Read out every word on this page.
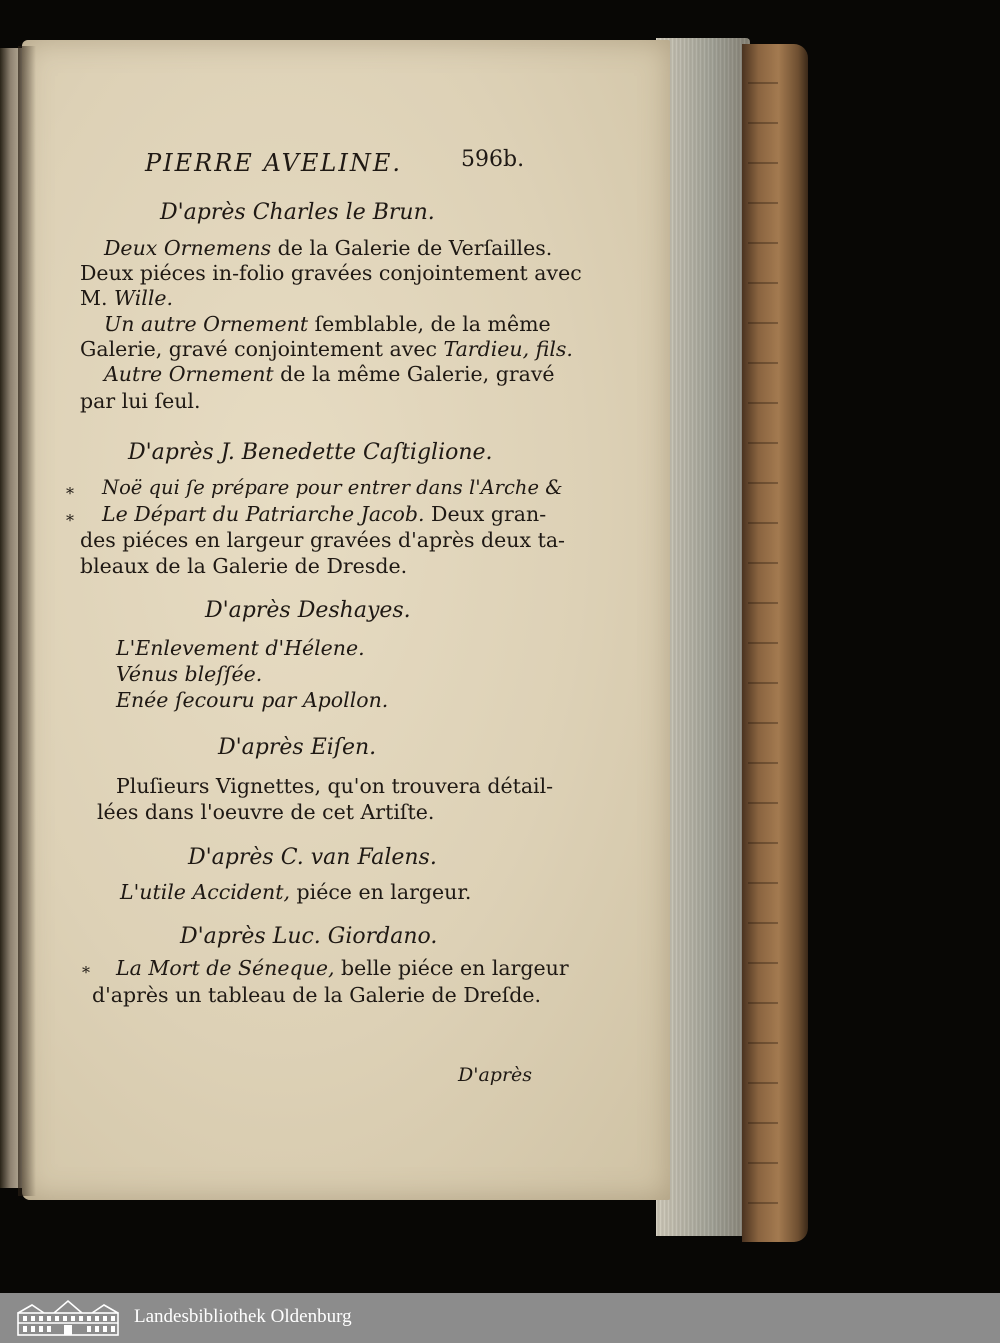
PIERRE AVELINE.	596b.
D'après Charles le Brun.
Deux Ornemens de la Galerie de Verſailles.
Deux piéces in-folio gravées conjointement avec
M. Wille.
Un autre Ornement ſemblable, de la même
Galerie, gravé conjointement avec Tardieu, fils.
Autre Ornement de la même Galerie, gravé
par lui ſeul.
D'après J. Benedette Caſtiglione.
* Noë qui ſe prépare pour entrer dans l'Arche &
* Le Départ du Patriarche Jacob. Deux gran-
des piéces en largeur gravées d'après deux ta-
bleaux de la Galerie de Dresde.
D'après Deshayes.
L'Enlevement d'Hélene.
Vénus bleſſée.
Enée ſecouru par Apollon.
D'après Eiſen.
Pluſieurs Vignettes, qu'on trouvera détail-
lées dans l'oeuvre de cet Artiſte.
D'après C. van Falens.
L'utile Accident, piéce en largeur.
D'après Luc. Giordano.
* La Mort de Séneque, belle piéce en largeur
d'après un tableau de la Galerie de Dreſde.
D'après
Landesbibliothek Oldenburg
